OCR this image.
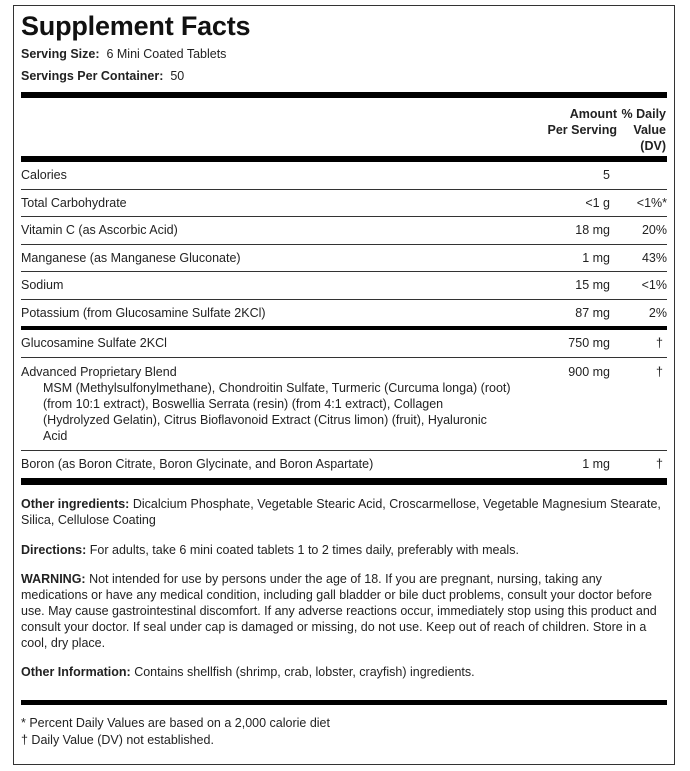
Supplement Facts
Serving Size: 6 Mini Coated Tablets
Servings Per Container: 50
Amount
Per Serving
% Daily
Value
(DV)
Calories	5
Total Carbohydrate	<1 g <1%*
Vitamin C (as Ascorbic Acid)	18 mg	20%
Manganese (as Manganese Gluconate)	1 mg	43%
Sodium	15 mg	<1%
Potassium (from Glucosamine Sulfate 2KCl)	87 mg	2%
Glucosamine Sulfate 2KCl	750 mg	†
Advanced Proprietary Blend
MSM (Methylsulfonylmethane), Chondroitin Sulfate, Turmeric (Curcuma longa) (root) (from 10:1 extract), Boswellia Serrata (resin) (from 4:1 extract), Collagen (Hydrolyzed Gelatin), Citrus Bioflavonoid Extract (Citrus limon) (fruit), Hyaluronic Acid
900 mg	†
Boron (as Boron Citrate, Boron Glycinate, and Boron Aspartate)	1 mg	†
Other ingredients: Dicalcium Phosphate, Vegetable Stearic Acid, Croscarmellose, Vegetable Magnesium Stearate, Silica, Cellulose Coating
Directions: For adults, take 6 mini coated tablets 1 to 2 times daily, preferably with meals.
WARNING: Not intended for use by persons under the age of 18. If you are pregnant, nursing, taking any medications or have any medical condition, including gall bladder or bile duct problems, consult your doctor before use. May cause gastrointestinal discomfort. If any adverse reactions occur, immediately stop using this product and consult your doctor. If seal under cap is damaged or missing, do not use. Keep out of reach of children. Store in a cool, dry place.
Other Information: Contains shellfish (shrimp, crab, lobster, crayfish) ingredients.
* Percent Daily Values are based on a 2,000 calorie diet
† Daily Value (DV) not established.
